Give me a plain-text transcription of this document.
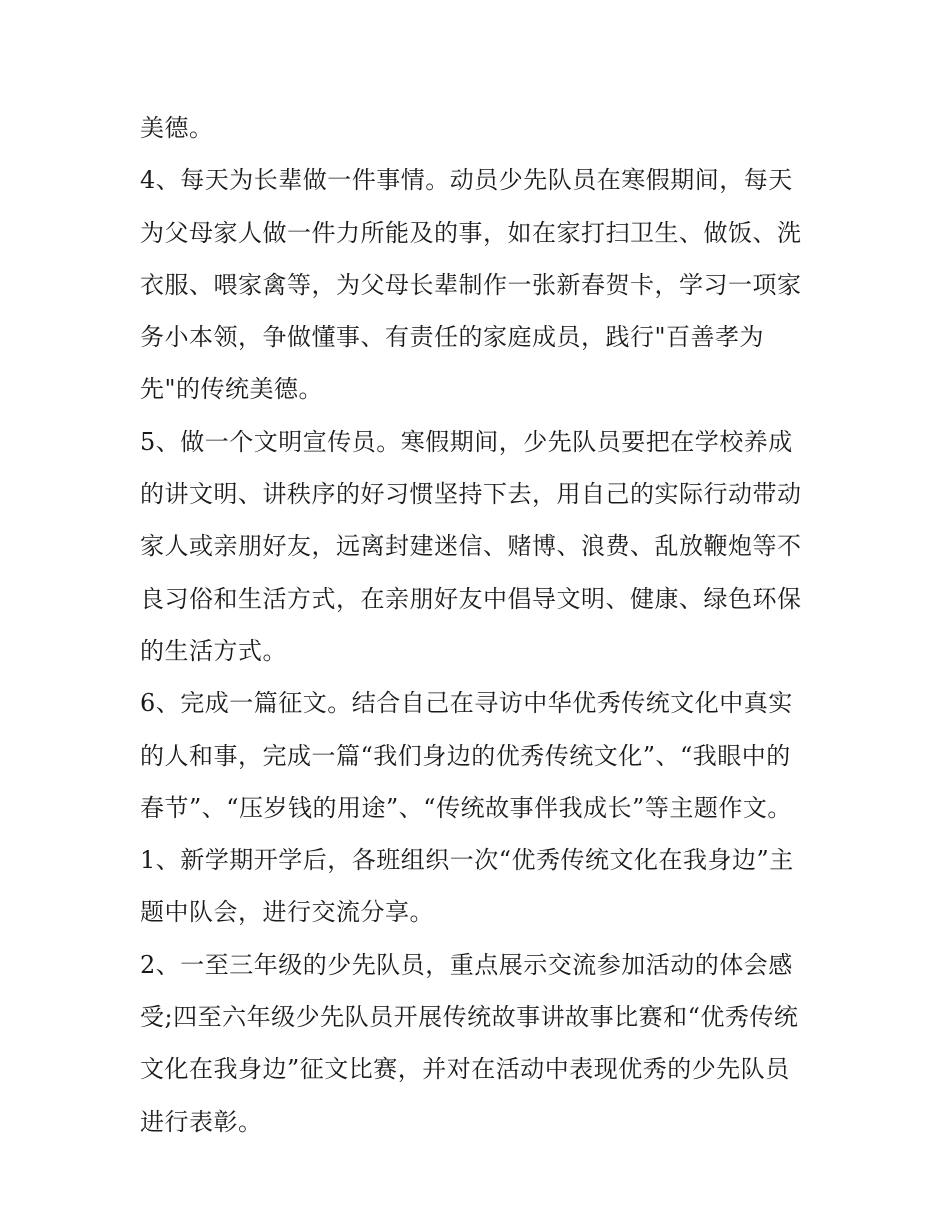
美德。
4、每天为长辈做一件事情。动员少先队员在寒假期间，每天
为父母家人做一件力所能及的事，如在家打扫卫生、做饭、洗
衣服、喂家禽等，为父母长辈制作一张新春贺卡，学习一项家
务小本领，争做懂事、有责任的家庭成员，践行"百善孝为
先"的传统美德。
5、做一个文明宣传员。寒假期间，少先队员要把在学校养成
的讲文明、讲秩序的好习惯坚持下去，用自己的实际行动带动
家人或亲朋好友，远离封建迷信、赌博、浪费、乱放鞭炮等不
良习俗和生活方式，在亲朋好友中倡导文明、健康、绿色环保
的生活方式。
6、完成一篇征文。结合自己在寻访中华优秀传统文化中真实
的人和事，完成一篇“我们身边的优秀传统文化”、“我眼中的
春节”、“压岁钱的用途”、“传统故事伴我成长”等主题作文。
1、新学期开学后，各班组织一次“优秀传统文化在我身边”主
题中队会，进行交流分享。
2、一至三年级的少先队员，重点展示交流参加活动的体会感
受;四至六年级少先队员开展传统故事讲故事比赛和“优秀传统
文化在我身边”征文比赛，并对在活动中表现优秀的少先队员
进行表彰。
